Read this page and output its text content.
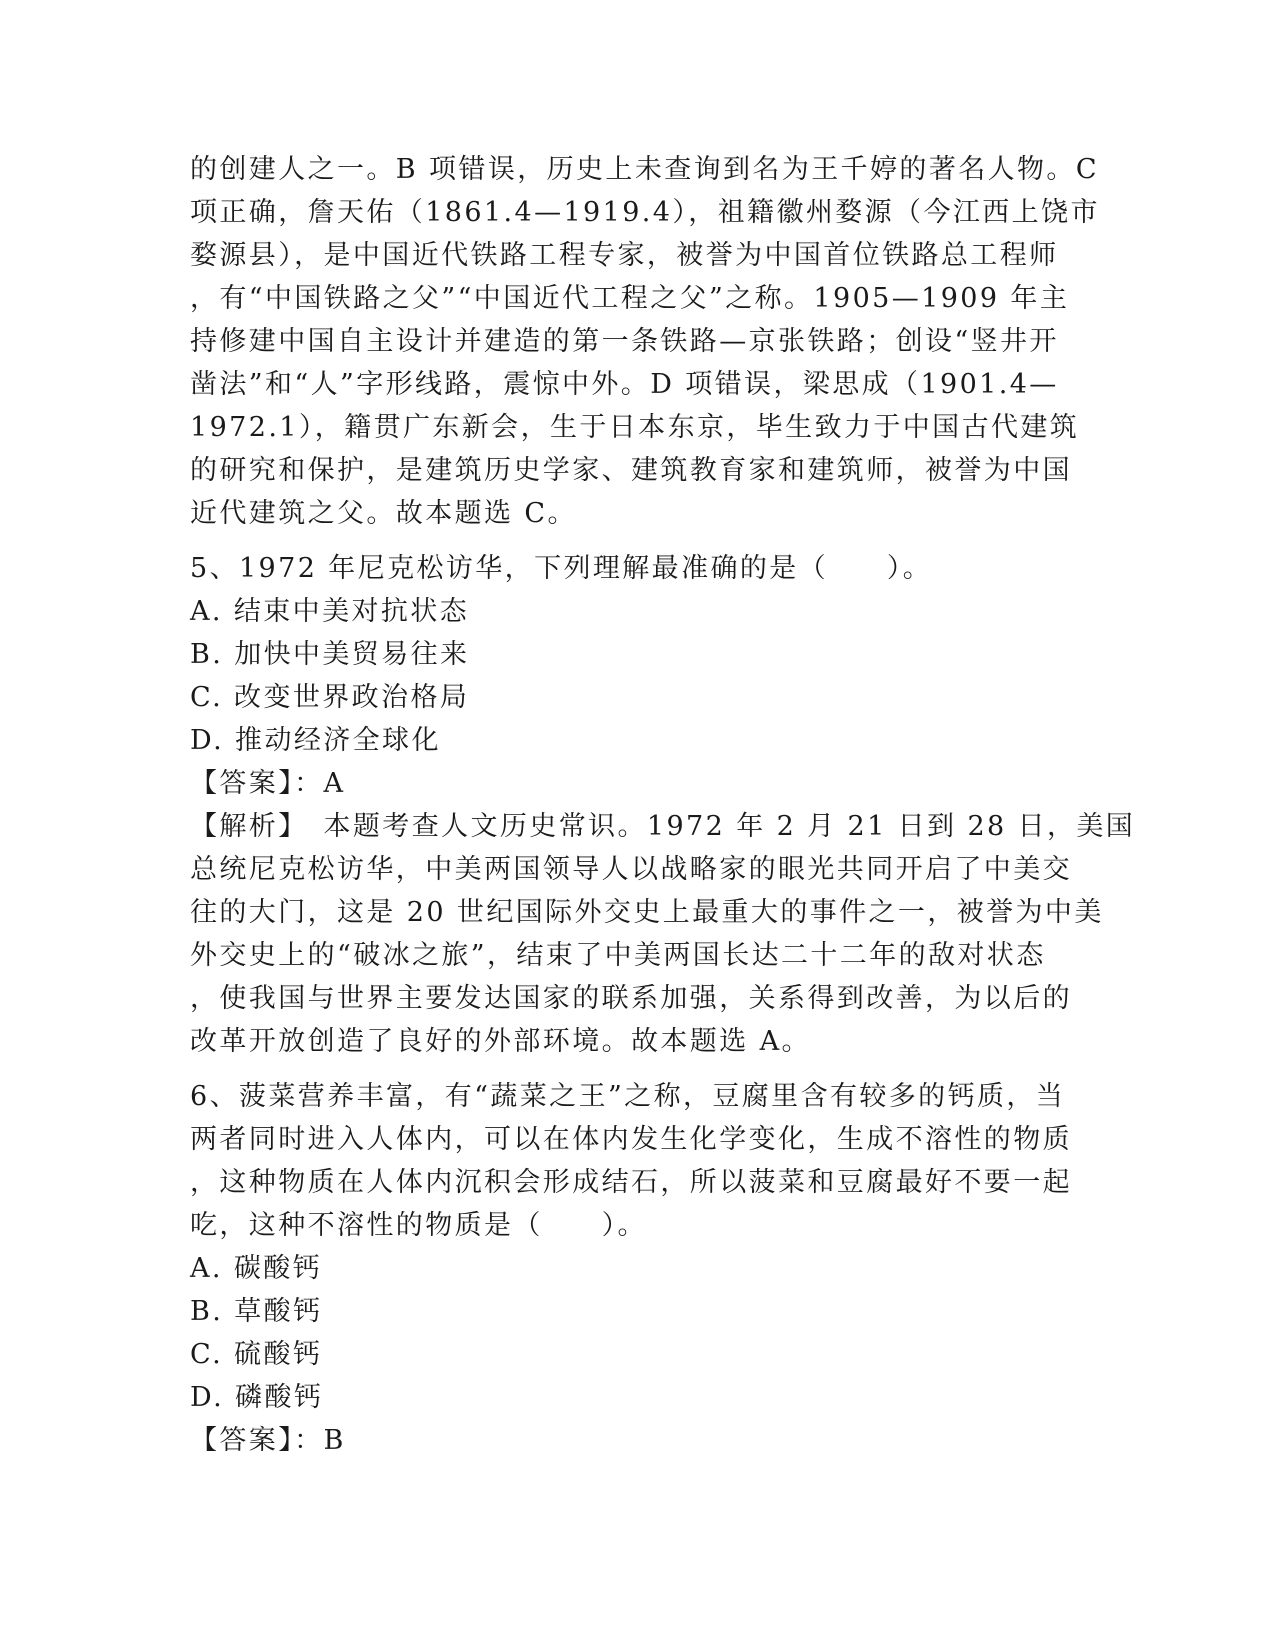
的创建人之一。B 项错误，历史上未查询到名为王千婷的著名人物。C
项正确，詹天佑（1861.4—1919.4），祖籍徽州婺源（今江西上饶市
婺源县），是中国近代铁路工程专家，被誉为中国首位铁路总工程师
，有“中国铁路之父”“中国近代工程之父”之称。1905—1909 年主
持修建中国自主设计并建造的第一条铁路—京张铁路；创设“竖井开
凿法”和“人”字形线路，震惊中外。D 项错误，梁思成（1901.4—
1972.1），籍贯广东新会，生于日本东京，毕生致力于中国古代建筑
的研究和保护，是建筑历史学家、建筑教育家和建筑师，被誉为中国
近代建筑之父。故本题选 C。
5、1972 年尼克松访华，下列理解最准确的是（　　）。
A. 结束中美对抗状态
B. 加快中美贸易往来
C. 改变世界政治格局
D. 推动经济全球化
【答案】：A
【解析】　本题考查人文历史常识。1972 年 2 月 21 日到 28 日，美国
总统尼克松访华，中美两国领导人以战略家的眼光共同开启了中美交
往的大门，这是 20 世纪国际外交史上最重大的事件之一，被誉为中美
外交史上的“破冰之旅”，结束了中美两国长达二十二年的敌对状态
，使我国与世界主要发达国家的联系加强，关系得到改善，为以后的
改革开放创造了良好的外部环境。故本题选 A。
6、菠菜营养丰富，有“蔬菜之王”之称，豆腐里含有较多的钙质，当
两者同时进入人体内，可以在体内发生化学变化，生成不溶性的物质
，这种物质在人体内沉积会形成结石，所以菠菜和豆腐最好不要一起
吃，这种不溶性的物质是（　　）。
A. 碳酸钙
B. 草酸钙
C. 硫酸钙
D. 磷酸钙
【答案】：B
